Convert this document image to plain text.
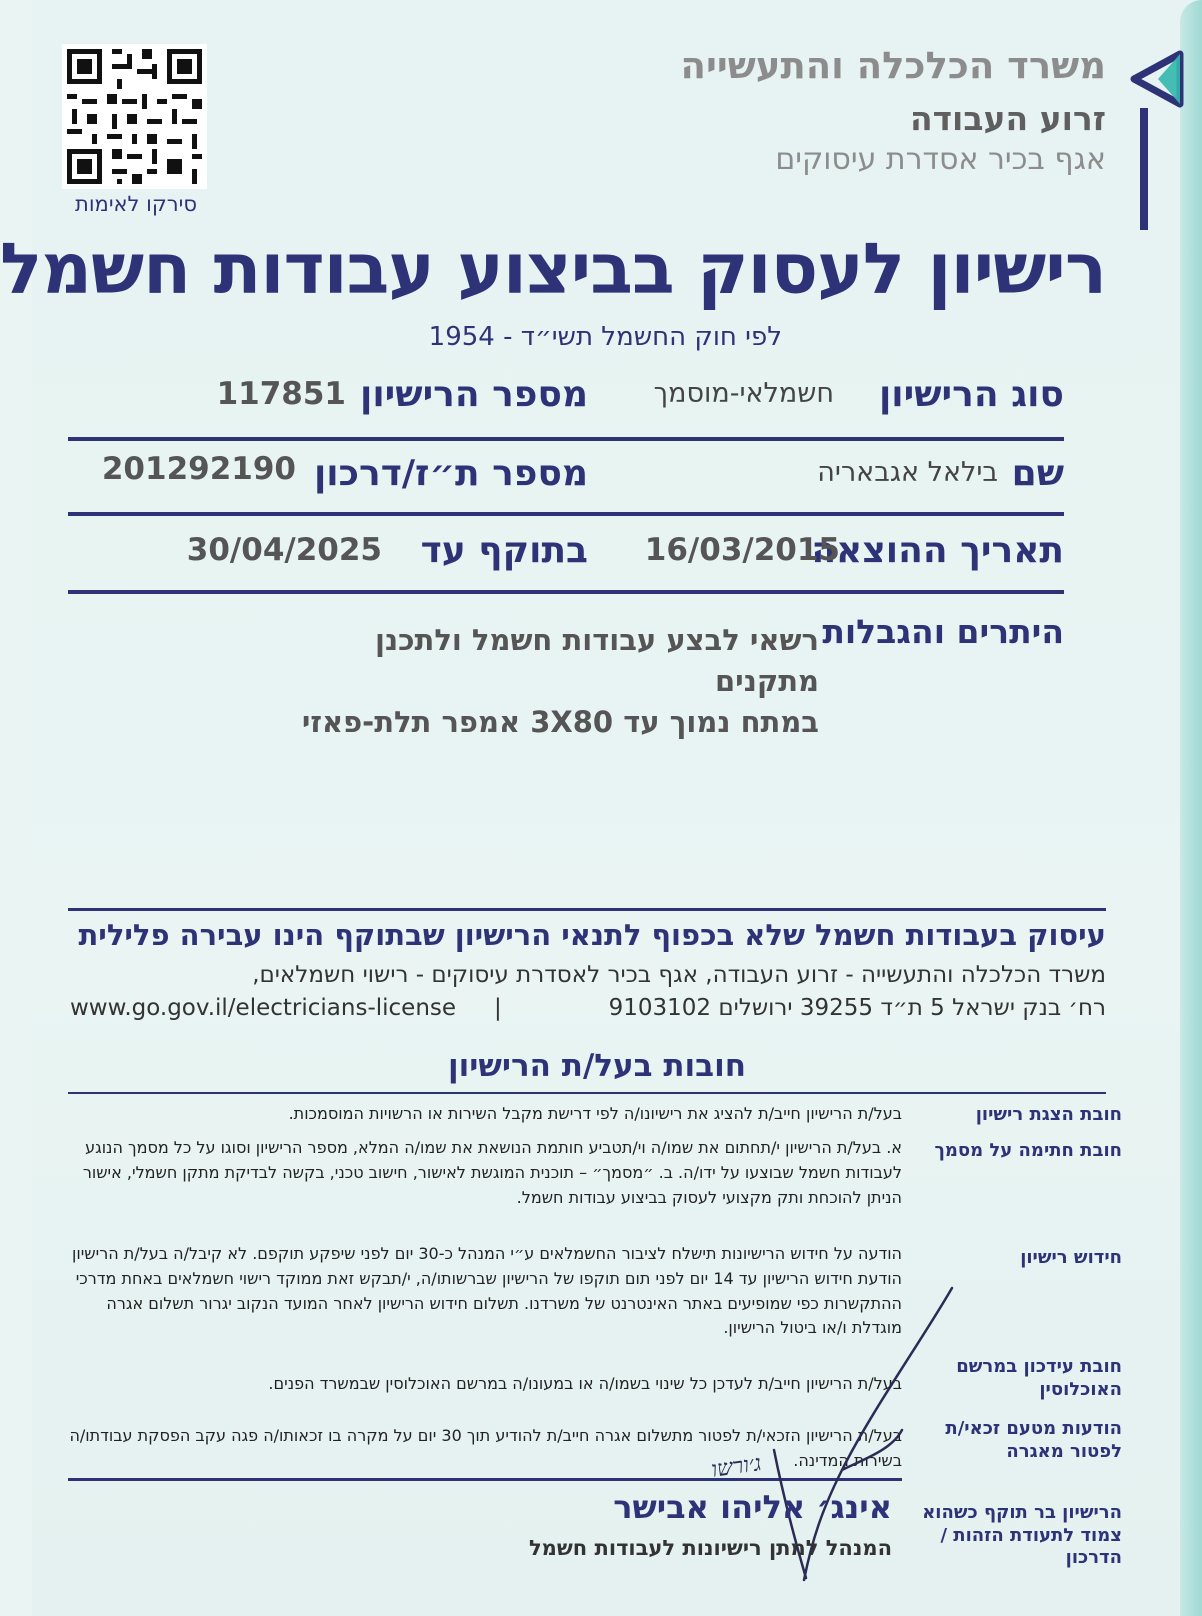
משרד הכלכלה והתעשייה
זרוע העבודה
אגף בכיר אסדרת עיסוקים
סירקו לאימות
רישיון לעסוק בביצוע עבודות חשמל
לפי חוק החשמל תשי״ד - 1954
סוג הרישיון
חשמלאי-מוסמך
מספר הרישיון
117851
שם
בילאל אגבאריה
מספר ת״ז/דרכון
201292190
תאריך ההוצאה
16/03/2015
בתוקף עד
30/04/2025
היתרים והגבלות
רשאי לבצע עבודות חשמל ולתכנן מתקנים
במתח נמוך עד 3X80 אמפר תלת-פאזי
עיסוק בעבודות חשמל שלא בכפוף לתנאי הרישיון שבתוקף הינו עבירה פלילית
משרד הכלכלה והתעשייה - זרוע העבודה, אגף בכיר לאסדרת עיסוקים - רישוי חשמלאים,
רח׳ בנק ישראל 5 ת״ד 39255 ירושלים 9103102
|
www.go.gov.il/electricians-license
חובות בעל/ת הרישיון
חובת הצגת רישיון
בעל/ת הרישיון חייב/ת להציג את רישיונו/ה לפי דרישת מקבל השירות או הרשויות המוסמכות.
חובת חתימה על מסמך
א. בעל/ת הרישיון י/תחתום את שמו/ה וי/תטביע חותמת הנושאת את שמו/ה המלא, מספר הרישיון וסוגו על כל מסמך הנוגע לעבודות חשמל שבוצעו על ידו/ה. ב. ״מסמך״ – תוכנית המוגשת לאישור, חישוב טכני, בקשה לבדיקת מתקן חשמלי, אישור הניתן להוכחת ותק מקצועי לעסוק בביצוע עבודות חשמל.
חידוש רישיון
הודעה על חידוש הרישיונות תישלח לציבור החשמלאים ע״י המנהל כ-30 יום לפני שיפקע תוקפם. לא קיבל/ה בעל/ת הרישיון הודעת חידוש הרישיון עד 14 יום לפני תום תוקפו של הרישיון שברשותו/ה, י/תבקש זאת ממוקד רישוי חשמלאים באחת מדרכי ההתקשרות כפי שמופיעים באתר האינטרנט של משרדנו. תשלום חידוש הרישיון לאחר המועד הנקוב יגרור תשלום אגרה מוגדלת ו/או ביטול הרישיון.
חובת עידכון במרשם האוכלוסין
בעל/ת הרישיון חייב/ת לעדכן כל שינוי בשמו/ה או במעונו/ה במרשם האוכלוסין שבמשרד הפנים.
הודעות מטעם זכאי/ת לפטור מאגרה
בעל/ת הרישיון הזכאי/ת לפטור מתשלום אגרה חייב/ת להודיע תוך 30 יום על מקרה בו זכאותו/ה פגה עקב הפסקת עבודתו/ה בשירות המדינה.
הרישיון בר תוקף כשהוא צמוד לתעודת הזהות / הדרכון
ג׳ורשו
אינג׳ אליהו אבישר
המנהל למתן רישיונות לעבודות חשמל
